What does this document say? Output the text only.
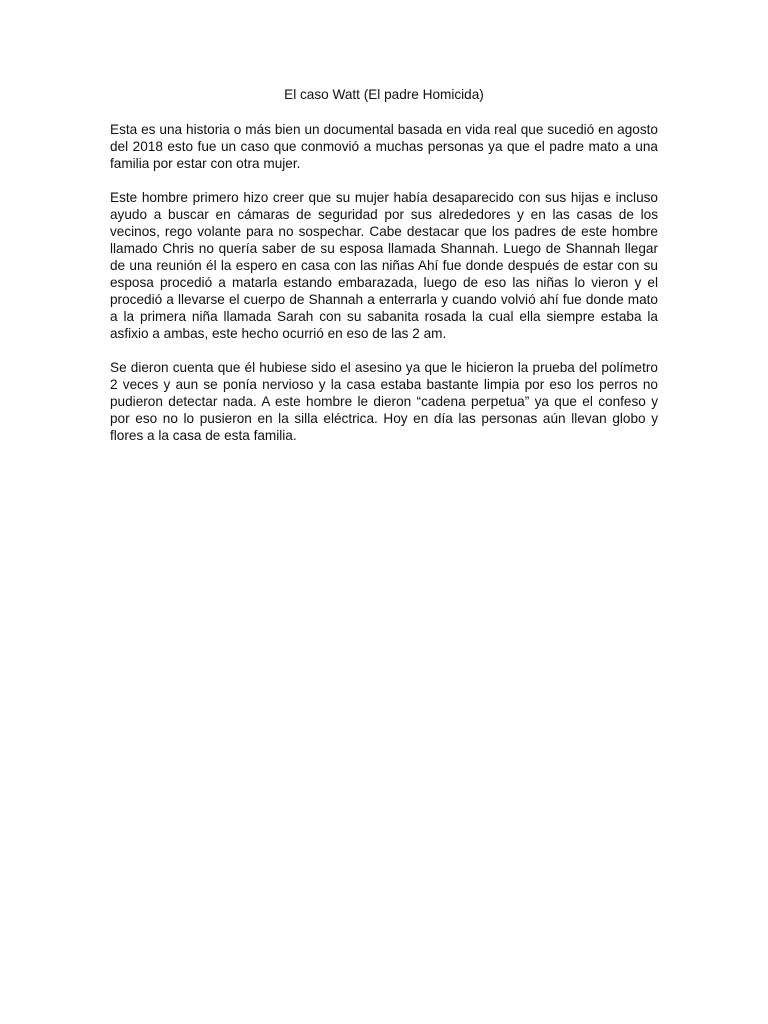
El caso Watt (El padre Homicida)

Esta es una historia o más bien un documental basada en vida real que sucedió en agosto del 2018 esto fue un caso que conmovió a muchas personas ya que el padre mato a una familia por estar con otra mujer.

Este hombre primero hizo creer que su mujer había desaparecido con sus hijas e incluso ayudo a buscar en cámaras de seguridad por sus alrededores y en las casas de los vecinos, rego volante para no sospechar. Cabe destacar que los padres de este hombre llamado Chris no quería saber de su esposa llamada Shannah. Luego de Shannah llegar de una reunión él la espero en casa con las niñas Ahí fue donde después de estar con su esposa procedió a matarla estando embarazada, luego de eso las niñas lo vieron y el procedió a llevarse el cuerpo de Shannah a enterrarla y cuando volvió ahí fue donde mato a la primera niña llamada Sarah con su sabanita rosada la cual ella siempre estaba la asfixio a ambas, este hecho ocurrió en eso de las 2 am.

Se dieron cuenta que él hubiese sido el asesino ya que le hicieron la prueba del polímetro 2 veces y aun se ponía nervioso y la casa estaba bastante limpia por eso los perros no pudieron detectar nada. A este hombre le dieron “cadena perpetua” ya que el confeso y por eso no lo pusieron en la silla eléctrica. Hoy en día las personas aún llevan globo y flores a la casa de esta familia.
